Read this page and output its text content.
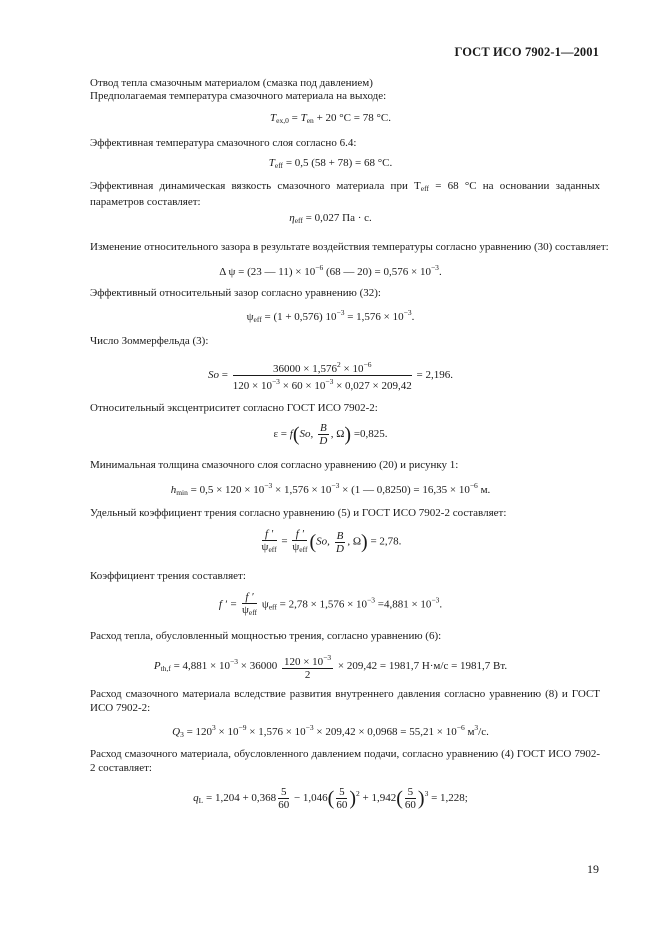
ГОСТ ИСО 7902-1—2001
Отвод тепла смазочным материалом (смазка под давлением)
Предполагаемая температура смазочного материала на выходе:
$T_{ex,0} = T_{en} + 20$ °C = 78 °C.
Эффективная температура смазочного слоя согласно 6.4:
$T_{eff} = 0,5$ (58 + 78) = 68 °C.
Эффективная динамическая вязкость смазочного материала при $T_{eff} = 68$ °C на основании заданных параметров составляет:
$\eta_{eff} = 0,027$ Па · с.
Изменение относительного зазора в результате воздействия температуры согласно уравнению (30) составляет:
Δ ψ = (23 — $11) \times 10^{-6}$ (68 — $20) = 0,576 \times 10^{-3}$.
Эффективный относительный зазор согласно уравнению (32):
$\psi_{eff} = (1 + 0,576) 10^{-3} = 1,576 \times 10^{-3}$.
Число Зоммерфельда (3):
$So = \frac{36000 \times 1,576^2 \times 10^{-6}}{120 \times 10^{-3} \times 60 \times 10^{-3} \times 0,027 \times 209,42} = 2,196$.
Относительный эксцентриситет согласно ГОСТ ИСО 7902-2:
ε = f(So, $\frac{B}{D}$ , Ω) =0,825.
Минимальная толщина смазочного слоя согласно уравнению (20) и рисунку 1:
$h_{min} = 0,5 \times 120 \times 10^{-3} \times 1,576 \times 10^{-3} \times (1$ — $0,8250) = 16,35 \times 10^{-6}$ м.
Удельный коэффициент трения согласно уравнению (5) и ГОСТ ИСО 7902-2 составляет:
$\frac{f '}{\psi_{eff}} = \frac{f '}{\psi_{eff}} (So$, $\frac{B}{D}$ , Ω) = 2,78.
Коэффициент трения составляет:
f ′ = $\frac{f '}{\psi_{eff}} \psi_{eff} = 2,78 \times 1,576 \times 10^{-3} =4,881 \times 10^{-3}$.
Расход тепла, обусловленный мощностью трения, согласно уравнению (6):
$P_{th,f} = 4,881 \times 10^{-3} \times 36000 \frac{120 \times 10^{-3}}{2} \times 209,42 = 1981,7$ Н·м/с = 1981,7 Вт.
Расход смазочного материала вследствие развития внутреннего давления согласно уравнению (8) и ГОСТ ИСО 7902-2:
$Q_3 = 120^3 \times 10^{-9} \times 1,576 \times 10^{-3} \times 209,42 \times 0,0968 = 55,21 \times 10^{-6}$ $м^3/с$.
Расход смазочного материала, обусловленного давлением подачи, согласно уравнению (4) ГОСТ ИСО 7902-2 составляет:
$q_L = 1,204 + 0,368 \frac{5}{60} - 1,046( \frac{5}{60} )^2 + 1,942( \frac{5}{60} )^3 = 1,228$;
19
